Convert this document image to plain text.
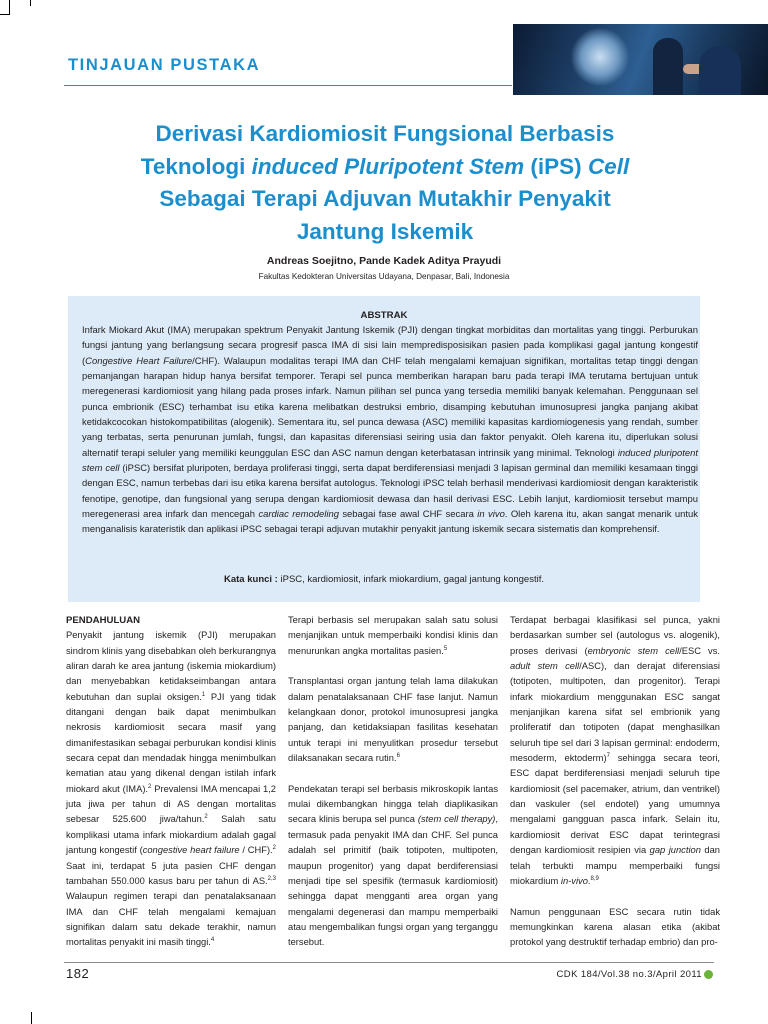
TINJAUAN PUSTAKA
Derivasi Kardiomiosit Fungsional Berbasis
Teknologi induced Pluripotent Stem (iPS) Cell
Sebagai Terapi Adjuvan Mutakhir Penyakit
Jantung Iskemik
Andreas Soejitno, Pande Kadek Aditya Prayudi
Fakultas Kedokteran Universitas Udayana, Denpasar, Bali, Indonesia
ABSTRAK
Infark Miokard Akut (IMA) merupakan spektrum Penyakit Jantung Iskemik (PJI) dengan tingkat morbiditas dan mortalitas yang tinggi. Perburukan fungsi jantung yang berlangsung secara progresif pasca IMA di sisi lain mempredisposisikan pasien pada komplikasi gagal jantung kongestif (Congestive Heart Failure/CHF). Walaupun modalitas terapi IMA dan CHF telah mengalami kemajuan signifikan, mortalitas tetap tinggi dengan pemanjangan harapan hidup hanya bersifat temporer. Terapi sel punca memberikan harapan baru pada terapi IMA terutama bertujuan untuk meregenerasi kardiomiosit yang hilang pada proses infark. Namun pilihan sel punca yang tersedia memiliki banyak kelemahan. Penggunaan sel punca embrionik (ESC) terhambat isu etika karena melibatkan destruksi embrio, disamping kebutuhan imunosupresi jangka panjang akibat ketidakcocokan histokompatibilitas (alogenik). Sementara itu, sel punca dewasa (ASC) memiliki kapasitas kardiomiogenesis yang rendah, sumber yang terbatas, serta penurunan jumlah, fungsi, dan kapasitas diferensiasi seiring usia dan faktor penyakit. Oleh karena itu, diperlukan solusi alternatif terapi seluler yang memiliki keunggulan ESC dan ASC namun dengan keterbatasan intrinsik yang minimal. Teknologi induced pluripotent stem cell (iPSC) bersifat pluripoten, berdaya proliferasi tinggi, serta dapat berdiferensiasi menjadi 3 lapisan germinal dan memiliki kesamaan tinggi dengan ESC, namun terbebas dari isu etika karena bersifat autologus. Teknologi iPSC telah berhasil menderivasi kardiomiosit dengan karakteristik fenotipe, genotipe, dan fungsional yang serupa dengan kardiomiosit dewasa dan hasil derivasi ESC. Lebih lanjut, kardiomiosit tersebut mampu meregenerasi area infark dan mencegah cardiac remodeling sebagai fase awal CHF secara in vivo. Oleh karena itu, akan sangat menarik untuk menganalisis karateristik dan aplikasi iPSC sebagai terapi adjuvan mutakhir penyakit jantung iskemik secara sistematis dan komprehensif.
Kata kunci : iPSC, kardiomiosit, infark miokardium, gagal jantung kongestif.

PENDAHULUAN

Penyakit jantung iskemik (PJI) merupakan sindrom klinis yang disebabkan oleh berkurangnya aliran darah ke area jantung (iskemia miokardium) dan menyebabkan ketidakseimbangan antara kebutuhan dan suplai oksigen.$^1$ PJI yang tidak ditangani dengan baik dapat menimbulkan nekrosis kardiomiosit secara masif yang dimanifestasikan sebagai perburukan kondisi klinis secara cepat dan mendadak hingga menimbulkan kematian atau yang dikenal dengan istilah infark miokard akut (IMA).$^2$ Prevalensi IMA mencapai 1,2 juta jiwa per tahun di AS dengan mortalitas sebesar 525.600 jiwa/tahun.$^2$ Salah satu komplikasi utama infark miokardium adalah gagal jantung kongestif (congestive heart failure / CHF).$^2$ Saat ini, terdapat 5 juta pasien CHF dengan tambahan 550.000 kasus baru per tahun di AS.$^{2,3}$ Walaupun regimen terapi dan penatalaksanaan IMA dan CHF telah mengalami kemajuan signifikan dalam satu dekade terakhir, namun mortalitas penyakit ini masih tinggi.$^4$

Terapi berbasis sel merupakan salah satu solusi menjanjikan untuk memperbaiki kondisi klinis dan menurunkan angka mortalitas pasien.$^5$

Transplantasi organ jantung telah lama dilakukan dalam penatalaksanaan CHF fase lanjut. Namun kelangkaan donor, protokol imunosupresi jangka panjang, dan ketidaksiapan fasilitas kesehatan untuk terapi ini menyulitkan prosedur tersebut dilaksanakan secara rutin.$^6$

Pendekatan terapi sel berbasis mikroskopik lantas mulai dikembangkan hingga telah diaplikasikan secara klinis berupa sel punca (stem cell therapy), termasuk pada penyakit IMA dan CHF. Sel punca adalah sel primitif (baik totipoten, multipoten, maupun progenitor) yang dapat berdiferensiasi menjadi tipe sel spesifik (termasuk kardiomiosit) sehingga dapat mengganti area organ yang mengalami degenerasi dan mampu memperbaiki atau mengembalikan fungsi organ yang terganggu tersebut.

Terdapat berbagai klasifikasi sel punca, yakni berdasarkan sumber sel (autologus vs. alogenik), proses derivasi (embryonic stem cell/ESC vs. adult stem cell/ASC), dan derajat diferensiasi (totipoten, multipoten, dan progenitor). Terapi infark miokardium menggunakan ESC sangat menjanjikan karena sifat sel embrionik yang proliferatif dan totipoten (dapat menghasilkan seluruh tipe sel dari 3 lapisan germinal: endoderm, mesoderm, ektoderm)$^7$ sehingga secara teori, ESC dapat berdiferensiasi menjadi seluruh tipe kardiomiosit (sel pacemaker, atrium, dan ventrikel) dan vaskuler (sel endotel) yang umumnya mengalami gangguan pasca infark. Selain itu, kardiomiosit derivat ESC dapat terintegrasi dengan kardiomiosit resipien via gap junction dan telah terbukti mampu memperbaiki fungsi miokardium in-vivo.$^{8,9}$

Namun penggunaan ESC secara rutin tidak memungkinkan karena alasan etika (akibat protokol yang destruktif terhadap embrio) dan pro-

182	CDK 184/Vol.38 no.3/April 2011
